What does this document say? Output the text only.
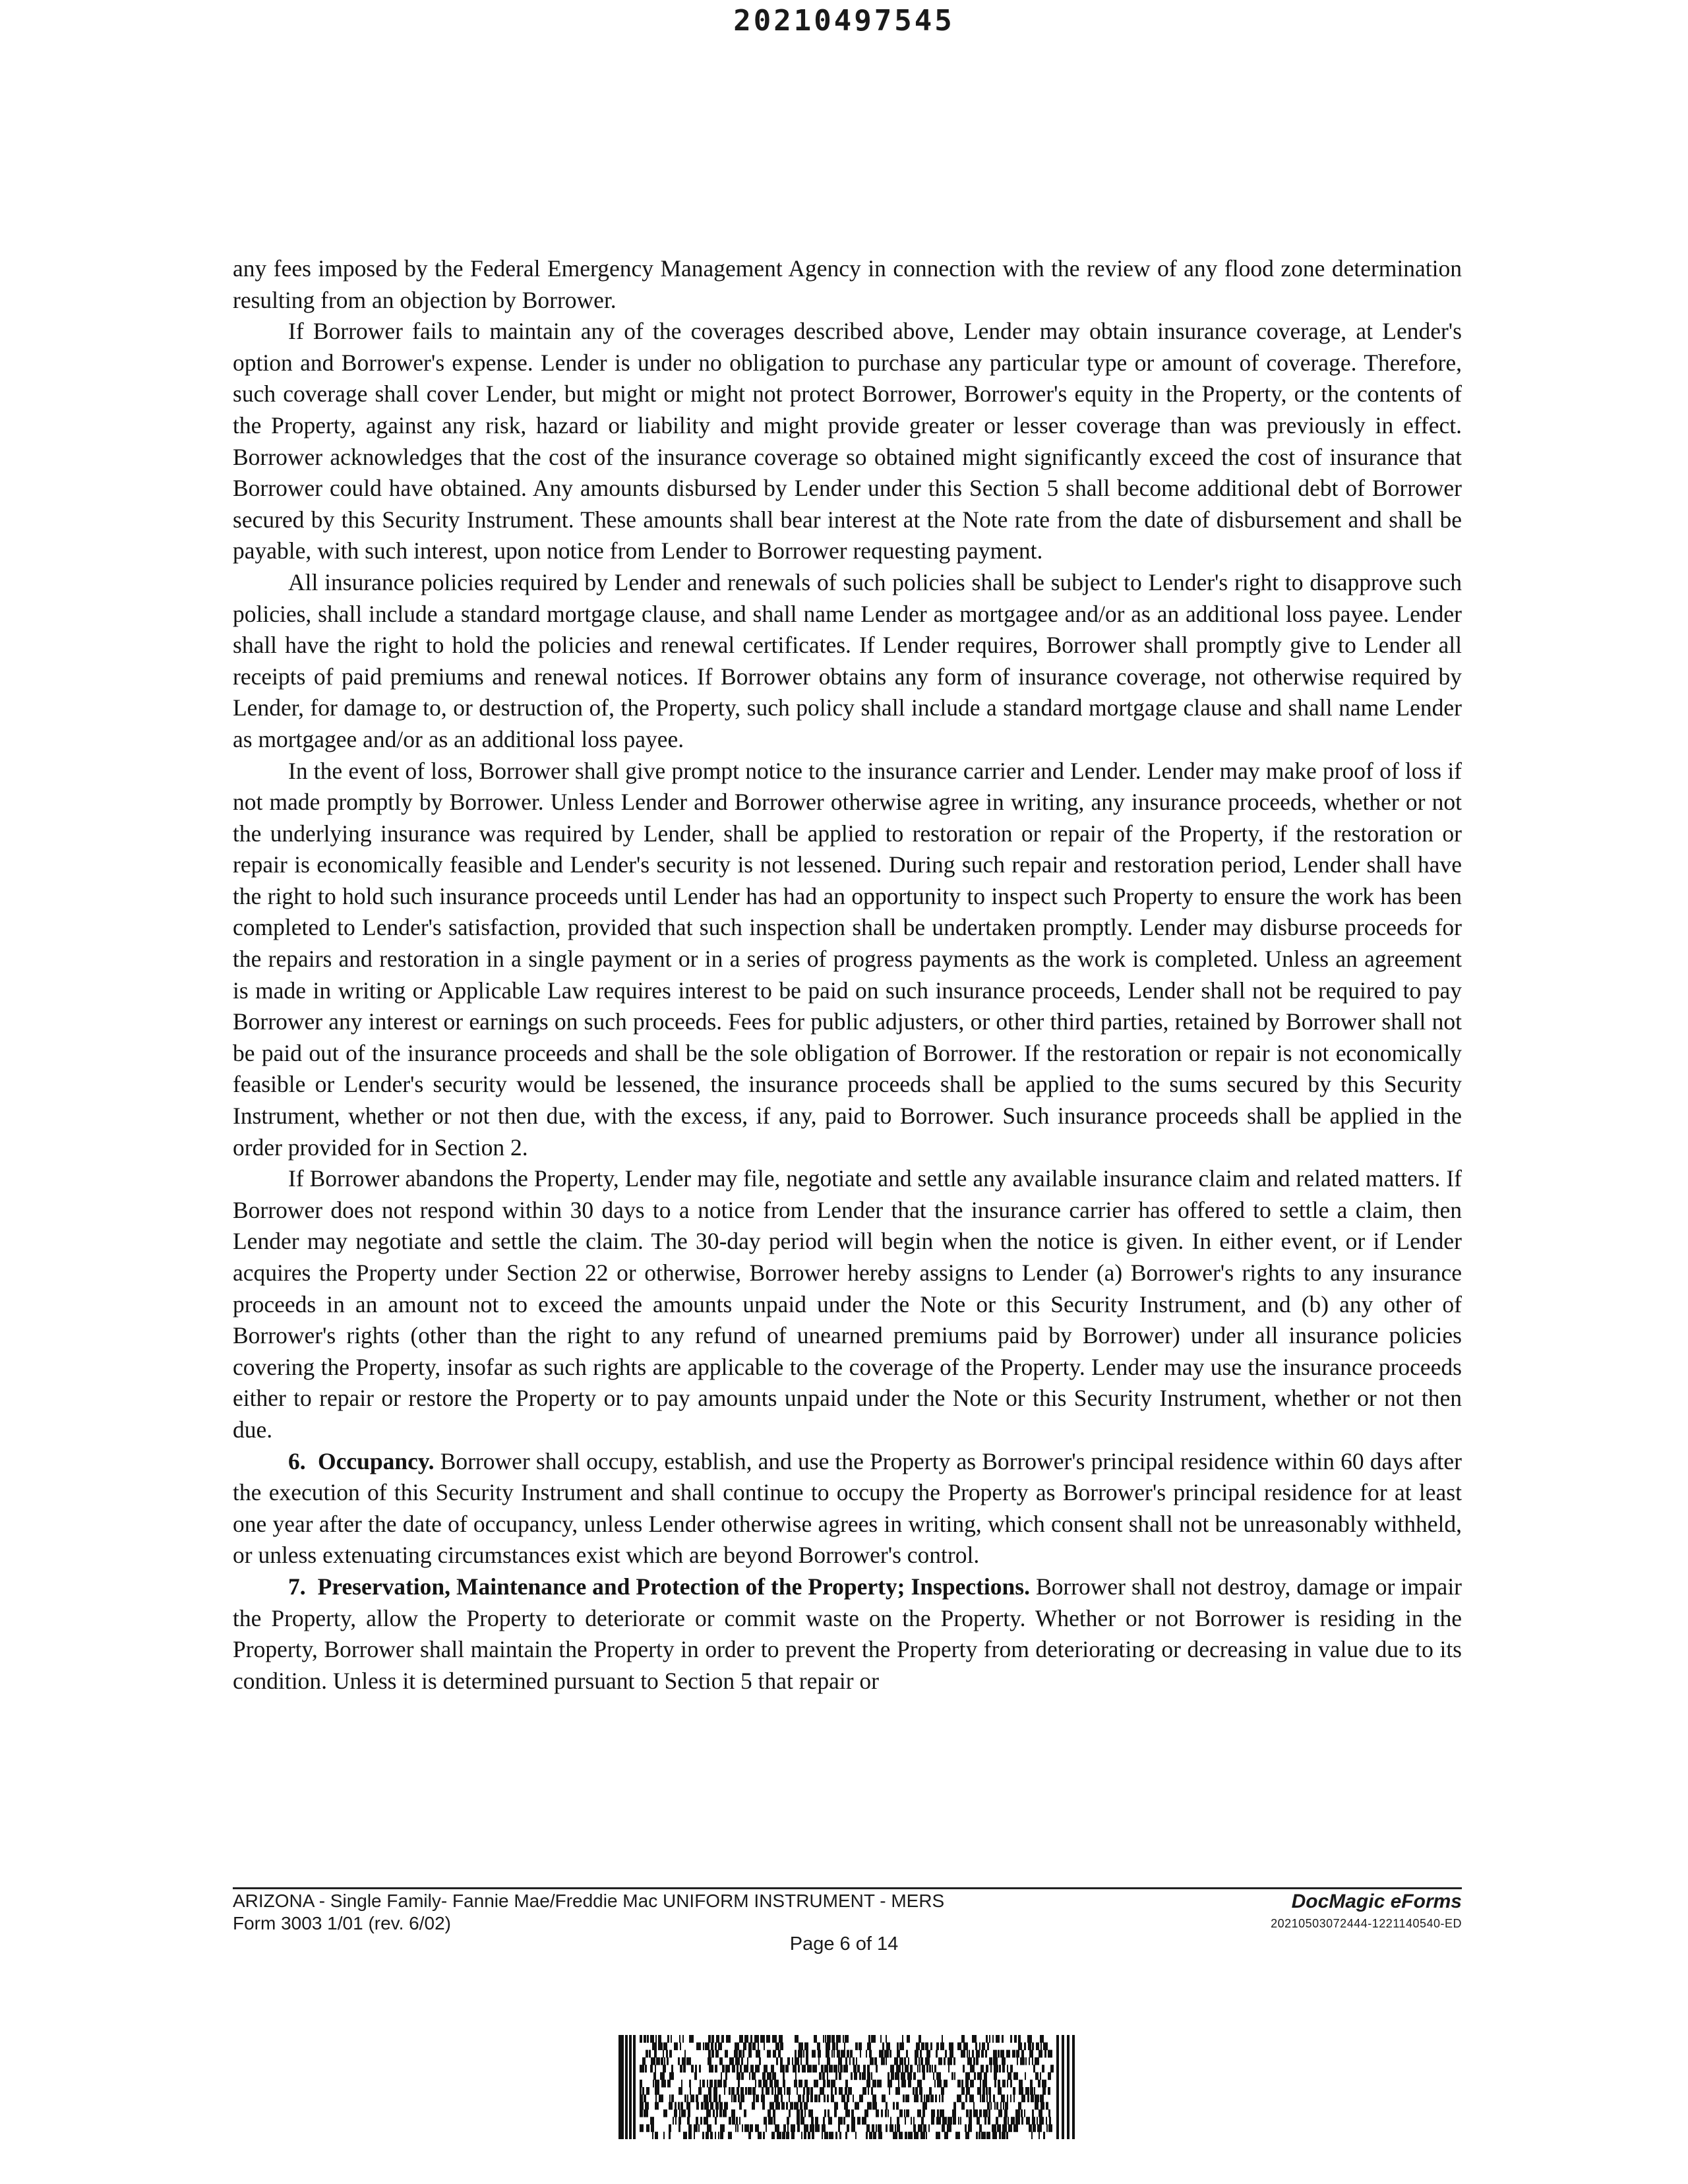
20210497545

any fees imposed by the Federal Emergency Management Agency in connection with the review of any flood zone determination resulting from an objection by Borrower.

If Borrower fails to maintain any of the coverages described above, Lender may obtain insurance coverage, at Lender's option and Borrower's expense. Lender is under no obligation to purchase any particular type or amount of coverage. Therefore, such coverage shall cover Lender, but might or might not protect Borrower, Borrower's equity in the Property, or the contents of the Property, against any risk, hazard or liability and might provide greater or lesser coverage than was previously in effect. Borrower acknowledges that the cost of the insurance coverage so obtained might significantly exceed the cost of insurance that Borrower could have obtained. Any amounts disbursed by Lender under this Section 5 shall become additional debt of Borrower secured by this Security Instrument. These amounts shall bear interest at the Note rate from the date of disbursement and shall be payable, with such interest, upon notice from Lender to Borrower requesting payment.

All insurance policies required by Lender and renewals of such policies shall be subject to Lender's right to disapprove such policies, shall include a standard mortgage clause, and shall name Lender as mortgagee and/or as an additional loss payee. Lender shall have the right to hold the policies and renewal certificates. If Lender requires, Borrower shall promptly give to Lender all receipts of paid premiums and renewal notices. If Borrower obtains any form of insurance coverage, not otherwise required by Lender, for damage to, or destruction of, the Property, such policy shall include a standard mortgage clause and shall name Lender as mortgagee and/or as an additional loss payee.

In the event of loss, Borrower shall give prompt notice to the insurance carrier and Lender. Lender may make proof of loss if not made promptly by Borrower. Unless Lender and Borrower otherwise agree in writing, any insurance proceeds, whether or not the underlying insurance was required by Lender, shall be applied to restoration or repair of the Property, if the restoration or repair is economically feasible and Lender's security is not lessened. During such repair and restoration period, Lender shall have the right to hold such insurance proceeds until Lender has had an opportunity to inspect such Property to ensure the work has been completed to Lender's satisfaction, provided that such inspection shall be undertaken promptly. Lender may disburse proceeds for the repairs and restoration in a single payment or in a series of progress payments as the work is completed. Unless an agreement is made in writing or Applicable Law requires interest to be paid on such insurance proceeds, Lender shall not be required to pay Borrower any interest or earnings on such proceeds. Fees for public adjusters, or other third parties, retained by Borrower shall not be paid out of the insurance proceeds and shall be the sole obligation of Borrower. If the restoration or repair is not economically feasible or Lender's security would be lessened, the insurance proceeds shall be applied to the sums secured by this Security Instrument, whether or not then due, with the excess, if any, paid to Borrower. Such insurance proceeds shall be applied in the order provided for in Section 2.

If Borrower abandons the Property, Lender may file, negotiate and settle any available insurance claim and related matters. If Borrower does not respond within 30 days to a notice from Lender that the insurance carrier has offered to settle a claim, then Lender may negotiate and settle the claim. The 30-day period will begin when the notice is given. In either event, or if Lender acquires the Property under Section 22 or otherwise, Borrower hereby assigns to Lender (a) Borrower's rights to any insurance proceeds in an amount not to exceed the amounts unpaid under the Note or this Security Instrument, and (b) any other of Borrower's rights (other than the right to any refund of unearned premiums paid by Borrower) under all insurance policies covering the Property, insofar as such rights are applicable to the coverage of the Property. Lender may use the insurance proceeds either to repair or restore the Property or to pay amounts unpaid under the Note or this Security Instrument, whether or not then due.

6. Occupancy. Borrower shall occupy, establish, and use the Property as Borrower's principal residence within 60 days after the execution of this Security Instrument and shall continue to occupy the Property as Borrower's principal residence for at least one year after the date of occupancy, unless Lender otherwise agrees in writing, which consent shall not be unreasonably withheld, or unless extenuating circumstances exist which are beyond Borrower's control.

7. Preservation, Maintenance and Protection of the Property; Inspections. Borrower shall not destroy, damage or impair the Property, allow the Property to deteriorate or commit waste on the Property. Whether or not Borrower is residing in the Property, Borrower shall maintain the Property in order to prevent the Property from deteriorating or decreasing in value due to its condition. Unless it is determined pursuant to Section 5 that repair or

ARIZONA - Single Family- Fannie Mae/Freddie Mac UNIFORM INSTRUMENT - MERS
Form 3003 1/01 (rev. 6/02)
DocMagic eForms
20210503072444-1221140540-ED
Page 6 of 14
